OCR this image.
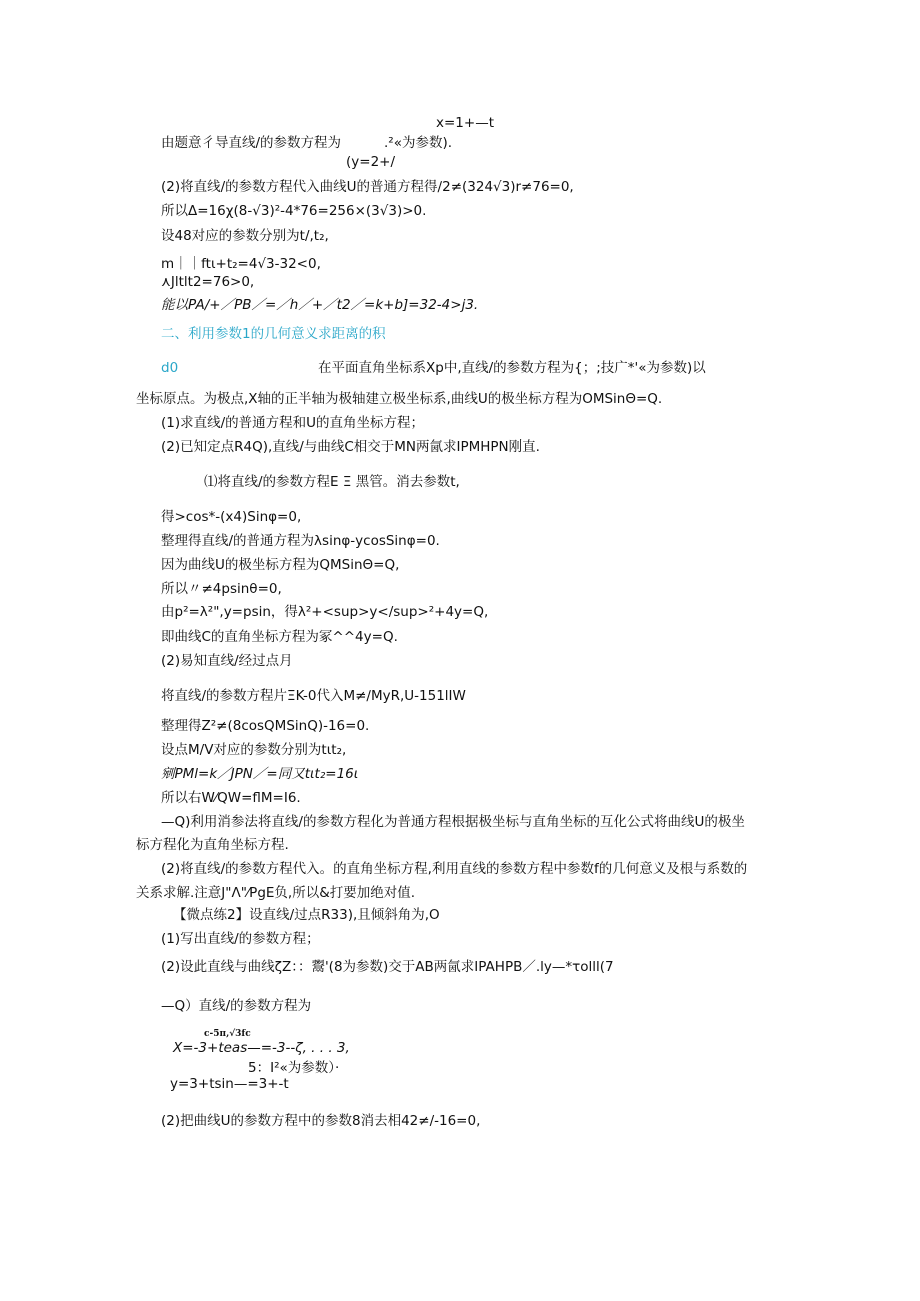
x=1+—t
由题意彳导直线/的参数方程为	.²«为参数).
(y=2+/
(2)将直线/的参数方程代入曲线U的普通方程得∕2≠(324√3)r≠76=0,
所以Δ=16χ(8-√3)²-4*76=256×(3√3)>0.
设48对应的参数分别为t/,t₂,
m｜｜ftι+t₂=4√3-32<0,
⋏Jltlt2=76>0,
能以PA∕+／PB／=／h／+／t2／=k+b]=32-4>j3.
二、利用参数1的几何意义求距离的积
d0	在平面直角坐标系Xp中,直线/的参数方程为{；;技广*'«为参数)以
坐标原点。为极点,X轴的正半轴为极轴建立极坐标系,曲线U的极坐标方程为OMSinΘ=Q.
(1)求直线/的普通方程和U的直角坐标方程；
(2)已知定点R4Q),直线/与曲线C相交于MN两氤求IPMHPN刚直.
⑴将直线/的参数方程E Ξ 黑管。消去参数t,
得>cos*-(x4)Sinφ=0,
整理得直线/的普通方程为λsinφ-ycosSinφ=0.
因为曲线U的极坐标方程为QMSinΘ=Q,
所以〃≠4psinθ=0,
由p²=λ²",y=psin，得λ²+<sup>y</sup>²+4y=Q,
即曲线C的直角坐标方程为冢^^4y=Q.
(2)易知直线/经过点月
将直线/的参数方程片ΞK-0代入M≠∕MyR,U-151lIW
整理得Z²≠(8cosQMSinQ)-16=0.
设点M/V对应的参数分别为tιt₂,
剜PMl=k／JPN／=同又tιt₂=16ι
所以右W⁄QW=flM=I6.
—Q)利用消参法将直线/的参数方程化为普通方程根据极坐标与直角坐标的互化公式将曲线U的极坐
标方程化为直角坐标方程.
(2)将直线/的参数方程代入。的直角坐标方程,利用直线的参数方程中参数f的几何意义及根与系数的
关系求解.注意J"Λ"⁄PgE负,所以&打要加绝对值.
【微点练2】设直线/过点R33),且倾斜角为,O
(1)写出直线/的参数方程；
(2)设此直线与曲线ζZ：：鬻'(8为参数)交于AB两氤求IPAHPB／.ly—*τolll(7
—Q）直线/的参数方程为
c-5π,√3fc
X=-3+teas—=-3--ζ, . . . 3,
5：I²«为参数）·
y=3+tsin—=3+-t
(2)把曲线U的参数方程中的参数8消去相42≠/-16=0,
